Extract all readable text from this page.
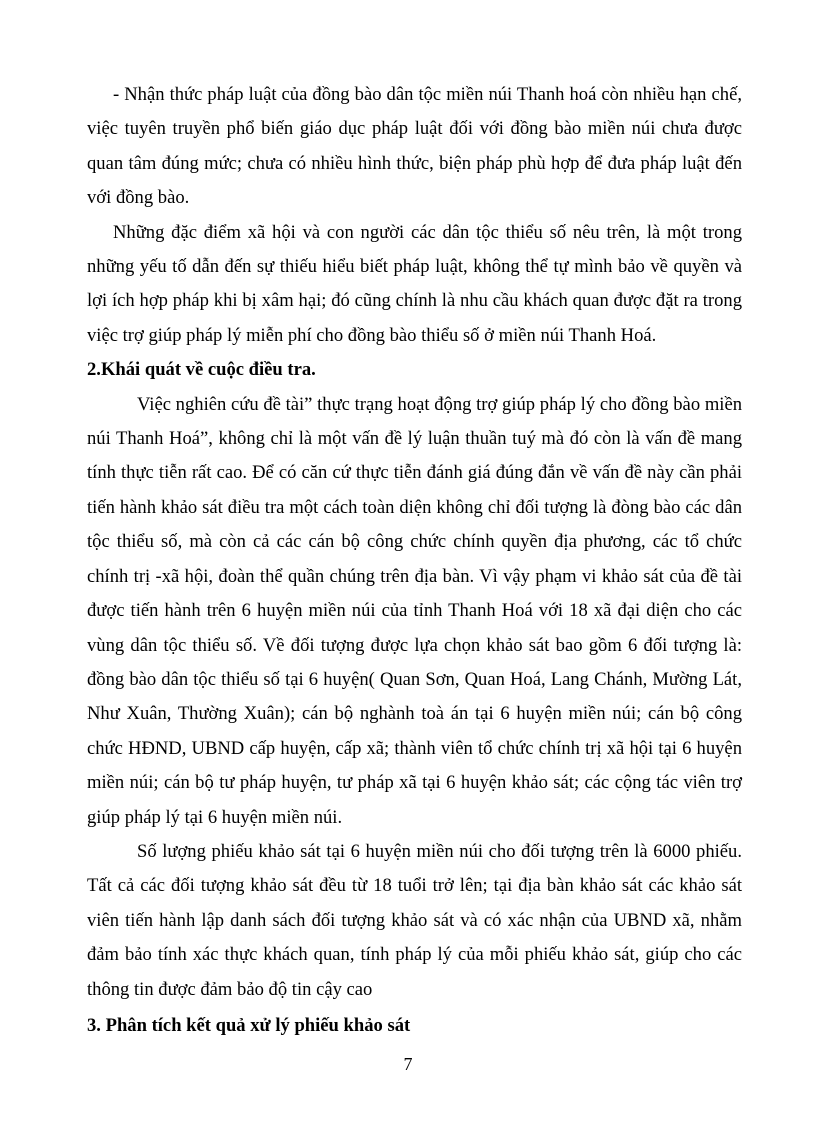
- Nhận thức pháp luật của đồng bào dân tộc miền núi Thanh hoá còn nhiều hạn chế, việc tuyên truyền phổ biến giáo dục pháp luật đối với đồng bào miền núi chưa được quan tâm đúng mức; chưa có nhiều hình thức, biện pháp phù hợp để đưa pháp luật đến với đồng bào.

Những đặc điểm xã hội và con người các dân tộc thiểu số nêu trên, là một trong những yếu tố dẫn đến sự thiếu hiểu biết pháp luật, không thể tự mình bảo về quyền và lợi ích hợp pháp khi bị xâm hại; đó cũng chính là nhu cầu khách quan được đặt ra trong việc trợ giúp pháp lý miễn phí cho đồng bào thiểu số ở miền núi Thanh Hoá.

2.Khái quát về cuộc điều tra.

Việc nghiên cứu đề tài” thực trạng hoạt động trợ giúp pháp lý cho đồng bào miền núi Thanh Hoá”, không chỉ là một vấn đề lý luận thuần tuý mà đó còn là vấn đề mang tính thực tiễn rất cao. Để có căn cứ thực tiễn đánh giá đúng đắn về vấn đề này cần phải tiến hành khảo sát điều tra một cách toàn diện không chỉ đối tượng là đòng bào các dân tộc thiểu số, mà còn cả các cán bộ công chức chính quyền địa phương, các tổ chức chính trị -xã hội, đoàn thể quần chúng trên địa bàn. Vì vậy phạm vi khảo sát của đề tài được tiến hành trên 6 huyện miền núi của tỉnh Thanh Hoá với 18 xã đại diện cho các vùng dân tộc thiểu số. Về đối tượng được lựa chọn khảo sát bao gồm 6 đối tượng là: đồng bào dân tộc thiểu số tại 6 huyện( Quan Sơn, Quan Hoá, Lang Chánh, Mường Lát, Như Xuân, Thường Xuân); cán bộ nghành toà án tại 6 huyện miền núi; cán bộ công chức HĐND, UBND cấp huyện, cấp xã; thành viên tổ chức chính trị xã hội tại 6 huyện miền núi; cán bộ tư pháp huyện, tư pháp xã tại 6 huyện khảo sát; các cộng tác viên trợ giúp pháp lý tại 6 huyện miền núi.

Số lượng phiếu khảo sát tại 6 huyện miền núi cho đối tượng trên là 6000 phiếu. Tất cả các đối tượng khảo sát đều từ 18 tuổi trở lên; tại địa bàn khảo sát các khảo sát viên tiến hành lập danh sách đối tượng khảo sát và có xác nhận của UBND xã, nhằm đảm bảo tính xác thực khách quan, tính pháp lý của mỗi phiếu khảo sát, giúp cho các thông tin được đảm bảo độ tin cậy cao

3. Phân tích kết quả xử lý phiếu khảo sát

7
